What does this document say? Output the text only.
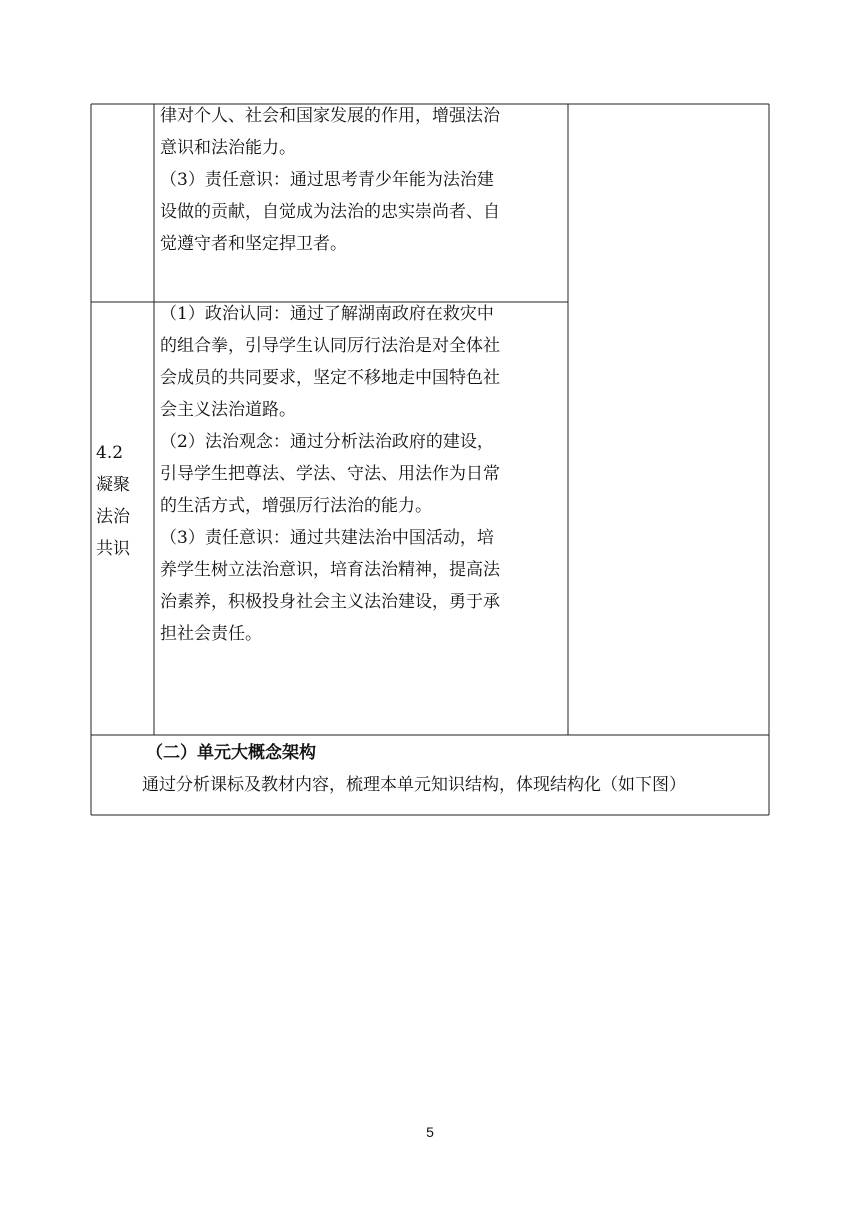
律对个人、社会和国家发展的作用，增强法治

意识和法治能力。

（3）责任意识：通过思考青少年能为法治建

设做的贡献，自觉成为法治的忠实崇尚者、自

觉遵守者和坚定捍卫者。

4.2

凝聚

法治

共识

（1）政治认同：通过了解湖南政府在救灾中

的组合拳，引导学生认同厉行法治是对全体社

会成员的共同要求，坚定不移地走中国特色社

会主义法治道路。

（2）法治观念：通过分析法治政府的建设，

引导学生把尊法、学法、守法、用法作为日常

的生活方式，增强厉行法治的能力。

（3）责任意识：通过共建法治中国活动，培

养学生树立法治意识，培育法治精神，提高法

治素养，积极投身社会主义法治建设，勇于承

担社会责任。

（二）单元大概念架构

通过分析课标及教材内容，梳理本单元知识结构，体现结构化（如下图）

5
